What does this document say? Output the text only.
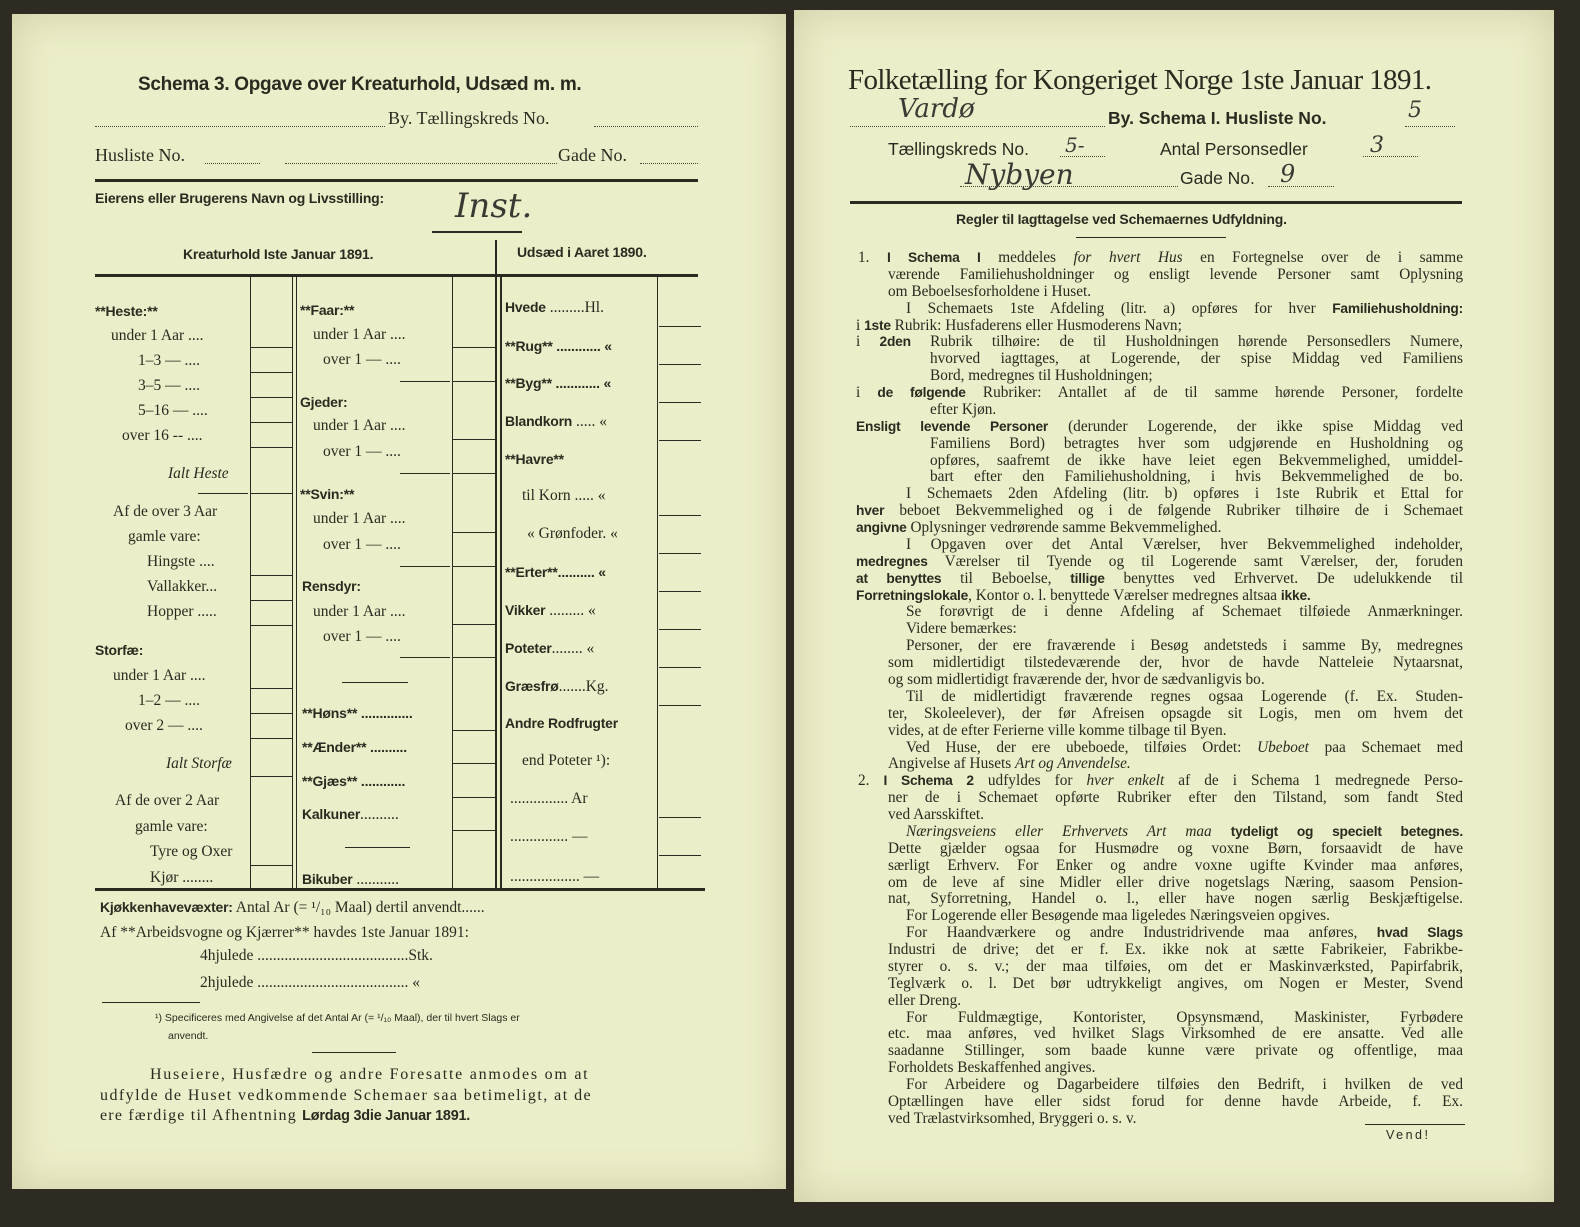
Schema 3. Opgave over Kreaturhold, Udsæd m. m.
By. Tællingskreds No.
Husliste No.	Gade No.
Eierens eller Brugerens Navn og Livsstilling: Inst.
Kreaturhold Iste Januar 1891.	Udsæd i Aaret 1890.
**Heste:**
under 1 Aar ....
1–3 — ....
3–5 — ....
5–16 — ....
over 16 -- ....
Ialt Heste
Af de over 3 Aar
gamle vare:
Hingste ....
Vallakker...
Hopper .....
Storfæ:
under 1 Aar ....
1–2 — ....
over 2 — ....
Ialt Storfæ
Af de over 2 Aar
gamle vare:
Tyre og Oxer
Kjør ........
**Faar:**
under 1 Aar ....
over 1 — ....
Gjeder:
under 1 Aar ....
over 1 — ....
**Svin:**
under 1 Aar ....
over 1 — ....
Rensdyr:
under 1 Aar ....
over 1 — ....
**Høns** ..............
**Ænder** ..........
**Gjæs** ............
Kalkuner..........
Bikuber ...........
Hvede .........Hl.
**Rug** ............ «
**Byg** ............ «
Blandkorn ..... «
**Havre**
til Korn ..... «
« Grønfoder. «
**Erter**.......... «
Vikker ......... «
Poteter........ «
Græsfrø.......Kg.
Andre Rodfrugter
end Poteter ¹):
............... Ar
............... —
.................. —
Kjøkkenhavevæxter: Antal Ar (= ¹/₁₀ Maal) dertil anvendt......
Af **Arbeidsvogne og Kjærrer** havdes 1ste Januar 1891:
4hjulede .......................................Stk.
2hjulede ....................................... «
¹) Specificeres med Angivelse af det Antal Ar (= ¹/₁₀ Maal), der til hvert Slags er
anvendt.
Huseiere, Husfædre og andre Foresatte anmodes om at
udfylde de Huset vedkommende Schemaer saa betimeligt, at de
ere færdige til Afhentning Lørdag 3die Januar 1891.
Folketælling for Kongeriget Norge 1ste Januar 1891.
Vardø	By. Schema I. Husliste No.	5
Tællingskreds No. 5-	Antal Personsedler	3
Nybyen	Gade No. 9
Regler til Iagttagelse ved Schemaernes Udfyldning.
1. I Schema I meddeles for hvert Hus en Fortegnelse over de i samme
værende Familiehusholdninger og ensligt levende Personer samt Oplysning
om Beboelsesforholdene i Huset.
I Schemaets 1ste Afdeling (litr. a) opføres for hver Familiehusholdning:
i 1ste Rubrik: Husfaderens eller Husmoderens Navn;
i 2den Rubrik tilhøire: de til Husholdningen hørende Personsedlers Numere,
hvorved iagttages, at Logerende, der spise Middag ved Familiens
Bord, medregnes til Husholdningen;
i de følgende Rubriker: Antallet af de til samme hørende Personer, fordelte
efter Kjøn.
Ensligt levende Personer (derunder Logerende, der ikke spise Middag ved
Familiens Bord) betragtes hver som udgjørende en Husholdning og
opføres, saafremt de ikke have leiet egen Bekvemmelighed, umiddel-
bart efter den Familiehusholdning, i hvis Bekvemmelighed de bo.
I Schemaets 2den Afdeling (litr. b) opføres i 1ste Rubrik et Ettal for
hver beboet Bekvemmelighed og i de følgende Rubriker tilhøire de i Schemaet
angivne Oplysninger vedrørende samme Bekvemmelighed.
I Opgaven over det Antal Værelser, hver Bekvemmelighed indeholder,
medregnes Værelser til Tyende og til Logerende samt Værelser, der, foruden
at benyttes til Beboelse, tillige benyttes ved Erhvervet. De udelukkende til
Forretningslokale, Kontor o. l. benyttede Værelser medregnes altsaa ikke.
Se forøvrigt de i denne Afdeling af Schemaet tilføiede Anmærkninger.
Videre bemærkes:
Personer, der ere fraværende i Besøg andetsteds i samme By, medregnes
som midlertidigt tilstedeværende der, hvor de havde Natteleie Nytaarsnat,
og som midlertidigt fraværende der, hvor de sædvanligvis bo.
Til de midlertidigt fraværende regnes ogsaa Logerende (f. Ex. Studen-
ter, Skoleelever), der før Afreisen opsagde sit Logis, men om hvem det
vides, at de efter Ferierne ville komme tilbage til Byen.
Ved Huse, der ere ubeboede, tilføies Ordet: Ubeboet paa Schemaet med
Angivelse af Husets Art og Anvendelse.
2. I Schema 2 udfyldes for hver enkelt af de i Schema 1 medregnede Perso-
ner de i Schemaet opførte Rubriker efter den Tilstand, som fandt Sted
ved Aarsskiftet.
Næringsveiens eller Erhvervets Art maa tydeligt og specielt betegnes.
Dette gjælder ogsaa for Husmødre og voxne Børn, forsaavidt de have
særligt Erhverv. For Enker og andre voxne ugifte Kvinder maa anføres,
om de leve af sine Midler eller drive nogetslags Næring, saasom Pension-
nat, Syforretning, Handel o. l., eller have nogen særlig Beskjæftigelse.
For Logerende eller Besøgende maa ligeledes Næringsveien opgives.
For Haandværkere og andre Industridrivende maa anføres, hvad Slags
Industri de drive; det er f. Ex. ikke nok at sætte Fabrikeier, Fabrikbe-
styrer o. s. v.; der maa tilføies, om det er Maskinværksted, Papirfabrik,
Teglværk o. l. Det bør udtrykkeligt angives, om Nogen er Mester, Svend
eller Dreng.
For Fuldmægtige, Kontorister, Opsynsmænd, Maskinister, Fyrbødere
etc. maa anføres, ved hvilket Slags Virksomhed de ere ansatte. Ved alle
saadanne Stillinger, som baade kunne være private og offentlige, maa
Forholdets Beskaffenhed angives.
For Arbeidere og Dagarbeidere tilføies den Bedrift, i hvilken de ved
Optællingen have eller sidst forud for denne havde Arbeide, f. Ex.
ved Trælastvirksomhed, Bryggeri o. s. v.
Vend!
